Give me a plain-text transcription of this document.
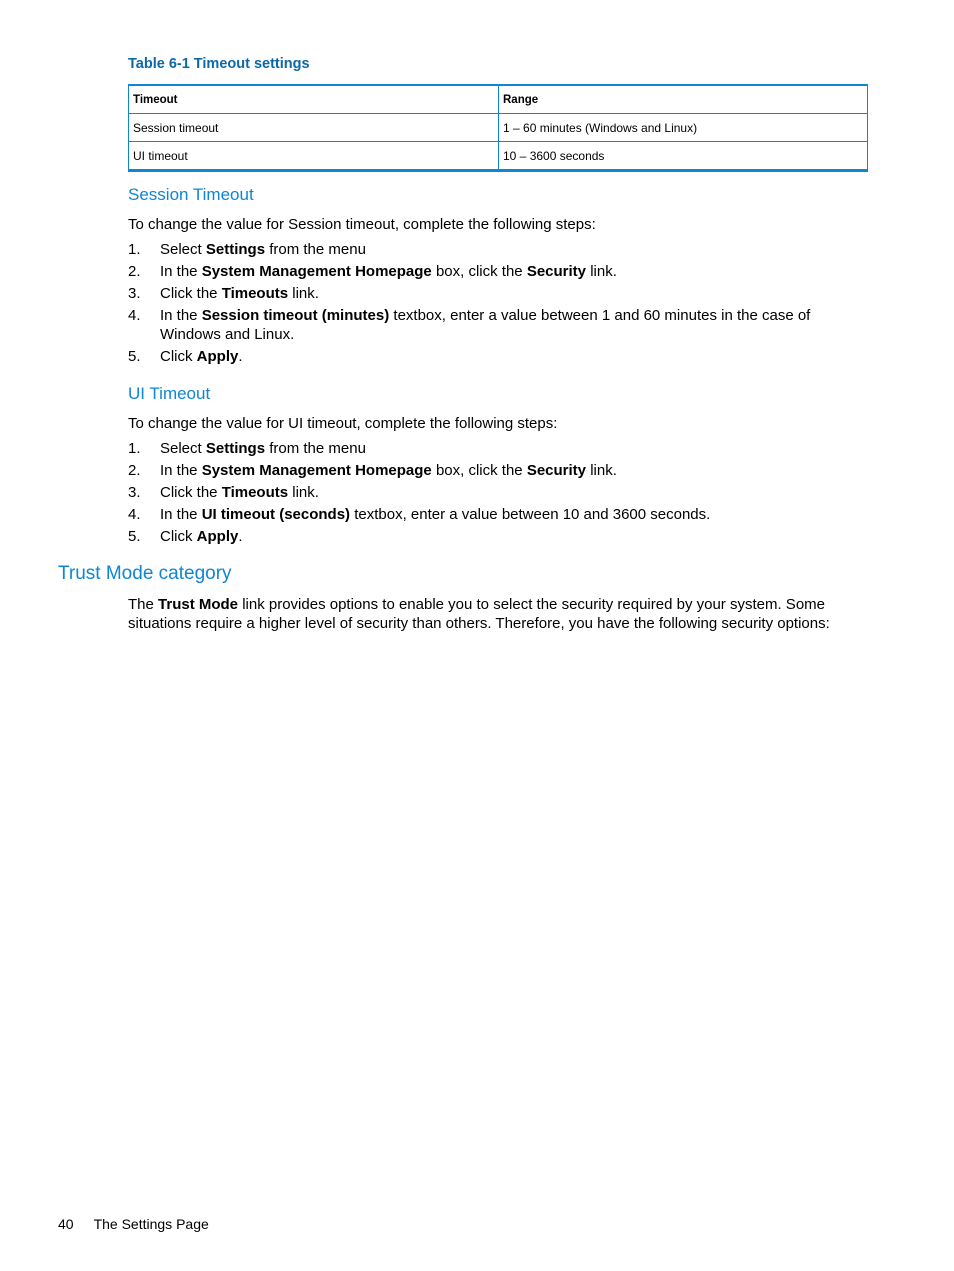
Table 6-1 Timeout settings
Timeout	Range
Session timeout	1 – 60 minutes (Windows and Linux)
UI timeout	10 – 3600 seconds
Session Timeout
To change the value for Session timeout, complete the following steps:
1. Select Settings from the menu
2. In the System Management Homepage box, click the Security link.
3. Click the Timeouts link.
4. In the Session timeout (minutes) textbox, enter a value between 1 and 60 minutes in the case of Windows and Linux.
5. Click Apply.
UI Timeout
To change the value for UI timeout, complete the following steps:
1. Select Settings from the menu
2. In the System Management Homepage box, click the Security link.
3. Click the Timeouts link.
4. In the UI timeout (seconds) textbox, enter a value between 10 and 3600 seconds.
5. Click Apply.
Trust Mode category
The Trust Mode link provides options to enable you to select the security required by your system. Some situations require a higher level of security than others. Therefore, you have the following security options:
40 The Settings Page
